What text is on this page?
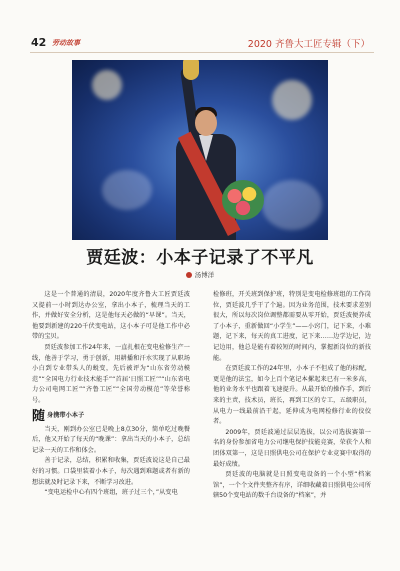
42 劳动故事	2020 齐鲁大工匠专辑（下）
贾廷波：小本子记录了不平凡
汤博洋

这是一个普通的清晨，2020年度齐鲁大工匠贾廷波又提前一小时到达办公室，拿出小本子，梳理当天的工作，并做好安全分析，这是他每天必做的“早课”。当天，他要到新建的220千伏变电站，这小本子可是他工作中必带的宝贝。

贾廷波参加工作24年来，一直扎根在变电检修生产一线，他善于学习，勇于创新，用耕播和汗水实现了从职场小白到专业带头人的蜕变，先后被评为“山东省劳动模范”“全国电力行业技术能手”“首届‘日照工匠’”“山东省电力公司电网工匠”“齐鲁工匠”“全国劳动模范”等荣誉称号。

随 身携带小本子

当天，刚到办公室已是晚上8点30分，简单吃过晚餐后，他又开始了每天的“晚课”：拿出当天的小本子，总结记录一天的工作和体会。

善于记录，总结，积累和收集，贾廷波说这是自己最好的习惯。口袋里装着小本子，每次遇到难题或者有新的想法就及时记录下来，不断学习改进。

“变电运检中心有四个班组，班子过三个，”从变电

检修班，开关班到保护班，特别是变电检修班组的工作岗位，贾廷波几乎干了个遍。因为业务范围，技术要求差别很大，所以每次岗位调整都需要从零开始，贾廷波便养成了小本子，重新做回“小学生”——小窍门，记下来，小难题，记下来，每天的真工进度，记下来……边学边记，边记边用，他总是能有着较短的时间内，掌握新岗位的新技能。

在贾廷波工作的24年里，小本子不但成了他的标配，更是他的法宝，如今上百个笔记本摞起来已有一米多高，他的业务水平也跟着飞速提升。从最开始的操作手，到后来的主责，技术员，班长，再到工区的专工，五级职员，从电力一线最前沿干起，延伸成为电网检修行业的佼佼者。

2009年，贾廷波通过层层选拔，以公司选拔赛第一名的身份参加省电力公司继电保护技能竞赛，荣获个人和团体双第一，这是日照供电公司在保护专业竞赛中取得的最好成绩。

贾廷波的电脑就是日照变电设备的一个小型“档案馆”，一个个文件夹整齐有序，详细收藏着日照供电公司所辖50个变电站的数千台设备的“档案”，并
